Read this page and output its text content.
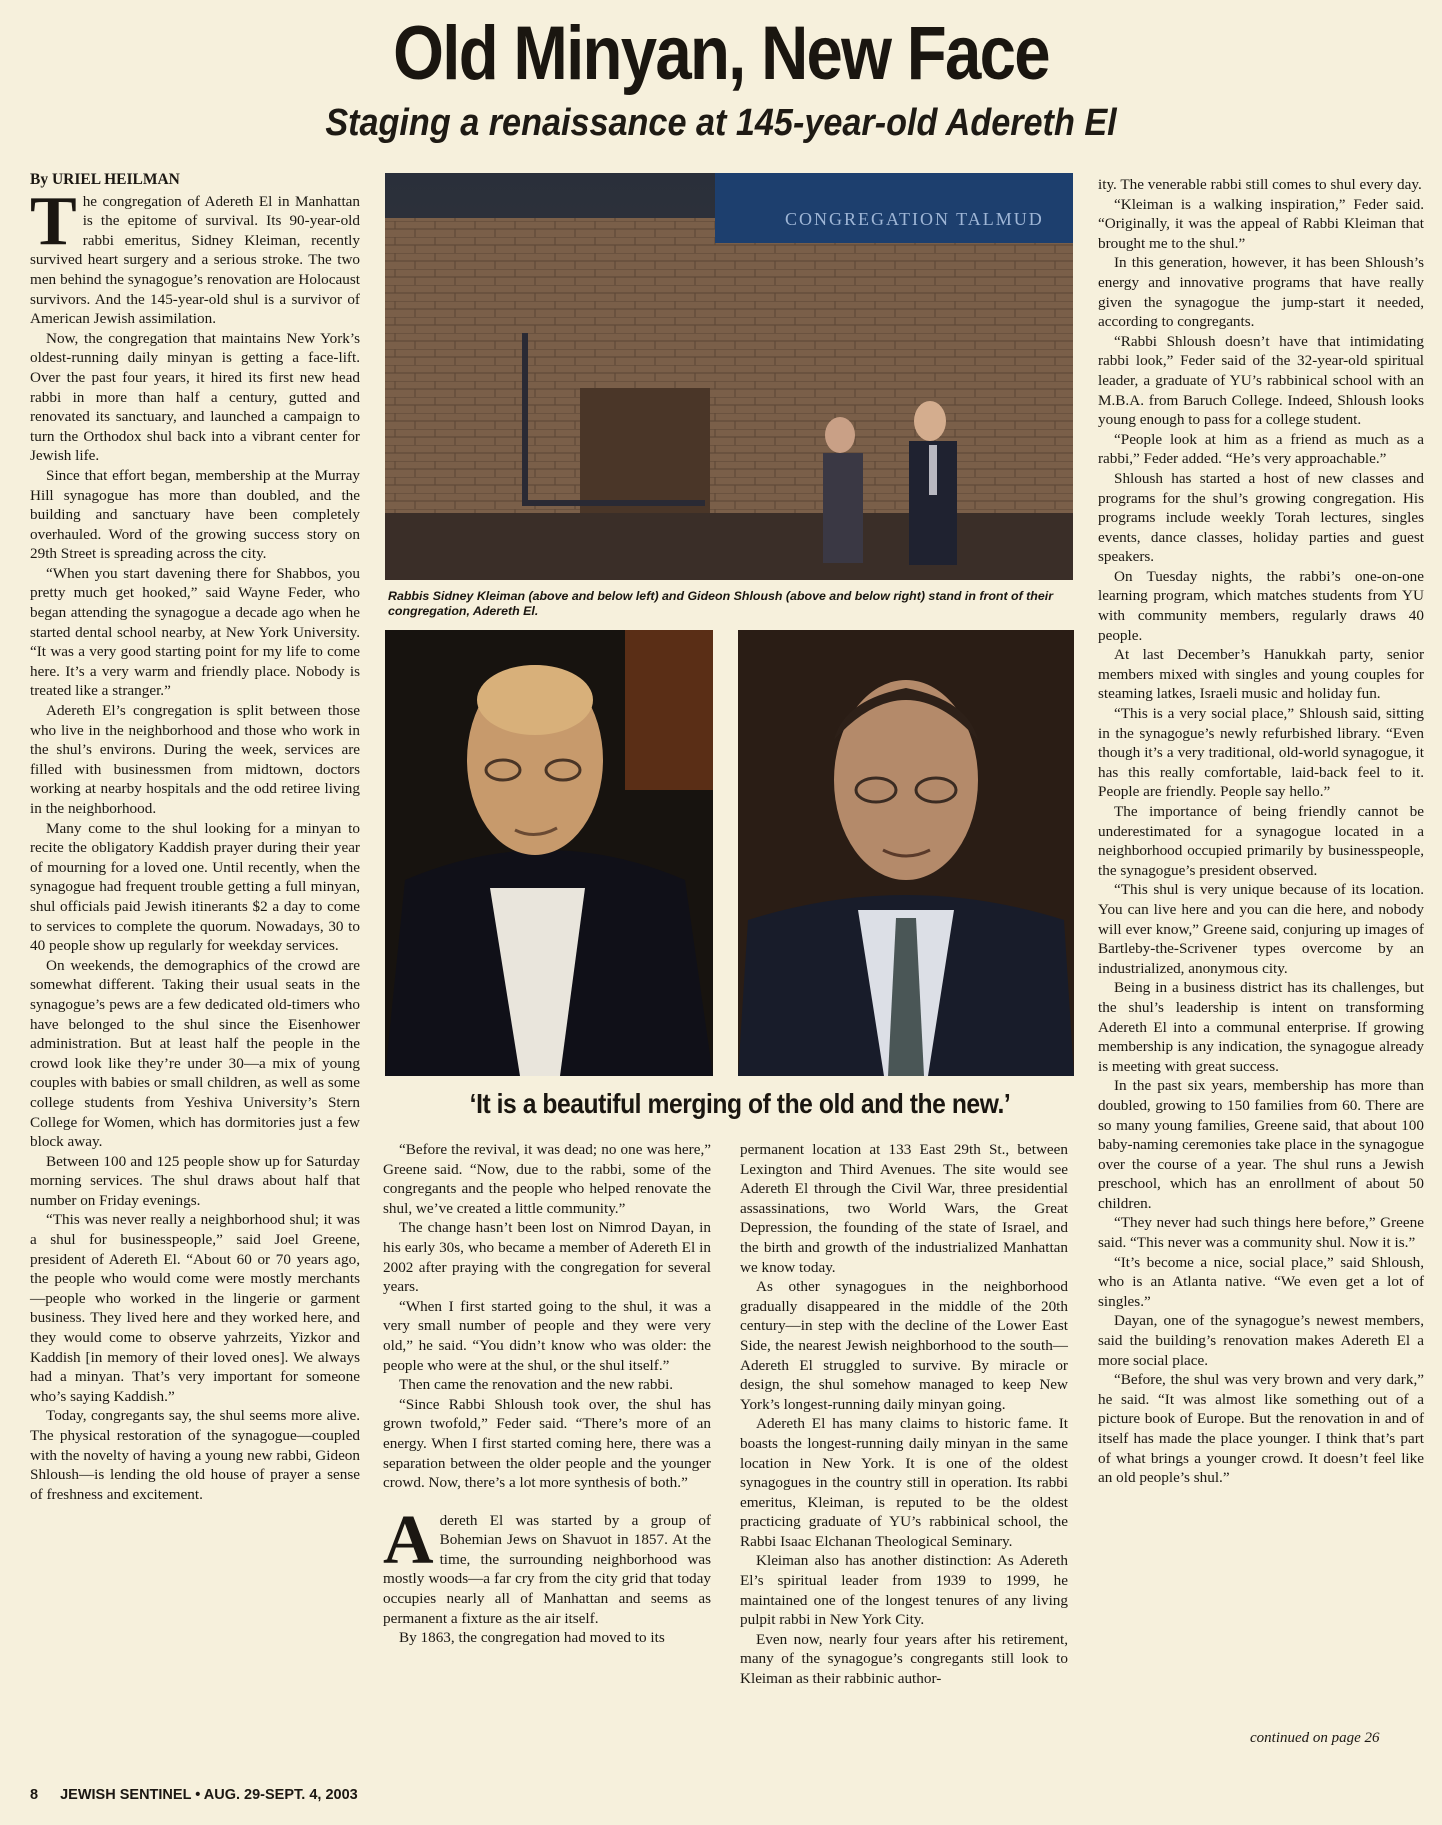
Old Minyan, New Face
Staging a renaissance at 145-year-old Adereth El
By URIEL HEILMAN

The congregation of Adereth El in Manhattan is the epitome of survival. Its 90-year-old rabbi emeritus, Sidney Kleiman, recently survived heart surgery and a serious stroke. The two men behind the synagogue’s renovation are Holocaust survivors. And the 145-year-old shul is a survivor of American Jewish assimilation.

Now, the congregation that maintains New York’s oldest-running daily minyan is getting a face-lift. Over the past four years, it hired its first new head rabbi in more than half a century, gutted and renovated its sanctuary, and launched a campaign to turn the Orthodox shul back into a vibrant center for Jewish life.

Since that effort began, membership at the Murray Hill synagogue has more than doubled, and the building and sanctuary have been completely overhauled. Word of the growing success story on 29th Street is spreading across the city.

“When you start davening there for Shabbos, you pretty much get hooked,” said Wayne Feder, who began attending the synagogue a decade ago when he started dental school nearby, at New York University. “It was a very good starting point for my life to come here. It’s a very warm and friendly place. Nobody is treated like a stranger.”

Adereth El’s congregation is split between those who live in the neighborhood and those who work in the shul’s environs. During the week, services are filled with businessmen from midtown, doctors working at nearby hospitals and the odd retiree living in the neighborhood.

Many come to the shul looking for a minyan to recite the obligatory Kaddish prayer during their year of mourning for a loved one. Until recently, when the synagogue had frequent trouble getting a full minyan, shul officials paid Jewish itinerants $2 a day to come to services to complete the quorum. Nowadays, 30 to 40 people show up regularly for weekday services.

On weekends, the demographics of the crowd are somewhat different. Taking their usual seats in the synagogue’s pews are a few dedicated old-timers who have belonged to the shul since the Eisenhower administration. But at least half the people in the crowd look like they’re under 30—a mix of young couples with babies or small children, as well as some college students from Yeshiva University’s Stern College for Women, which has dormitories just a few block away.

Between 100 and 125 people show up for Saturday morning services. The shul draws about half that number on Friday evenings.

“This was never really a neighborhood shul; it was a shul for businesspeople,” said Joel Greene, president of Adereth El. “About 60 or 70 years ago, the people who would come were mostly merchants—people who worked in the lingerie or garment business. They lived here and they worked here, and they would come to observe yahrzeits, Yizkor and Kaddish [in memory of their loved ones]. We always had a minyan. That’s very important for someone who’s saying Kaddish.”

Today, congregants say, the shul seems more alive. The physical restoration of the synagogue—coupled with the novelty of having a young new rabbi, Gideon Shloush—is lending the old house of prayer a sense of freshness and excitement.

CONGREGATION TALMUD
Rabbis Sidney Kleiman (above and below left) and Gideon Shloush (above and below right) stand in front of their congregation, Adereth El.
‘It is a beautiful merging of the old and the new.’

“Before the revival, it was dead; no one was here,” Greene said. “Now, due to the rabbi, some of the congregants and the people who helped renovate the shul, we’ve created a little community.”

The change hasn’t been lost on Nimrod Dayan, in his early 30s, who became a member of Adereth El in 2002 after praying with the congregation for several years.

“When I first started going to the shul, it was a very small number of people and they were very old,” he said. “You didn’t know who was older: the people who were at the shul, or the shul itself.”

Then came the renovation and the new rabbi.

“Since Rabbi Shloush took over, the shul has grown twofold,” Feder said. “There’s more of an energy. When I first started coming here, there was a separation between the older people and the younger crowd. Now, there’s a lot more synthesis of both.”

Adereth El was started by a group of Bohemian Jews on Shavuot in 1857. At the time, the surrounding neighborhood was mostly woods—a far cry from the city grid that today occupies nearly all of Manhattan and seems as permanent a fixture as the air itself.

By 1863, the congregation had moved to its

permanent location at 133 East 29th St., between Lexington and Third Avenues. The site would see Adereth El through the Civil War, three presidential assassinations, two World Wars, the Great Depression, the founding of the state of Israel, and the birth and growth of the industrialized Manhattan we know today.

As other synagogues in the neighborhood gradually disappeared in the middle of the 20th century—in step with the decline of the Lower East Side, the nearest Jewish neighborhood to the south—Adereth El struggled to survive. By miracle or design, the shul somehow managed to keep New York’s longest-running daily minyan going.

Adereth El has many claims to historic fame. It boasts the longest-running daily minyan in the same location in New York. It is one of the oldest synagogues in the country still in operation. Its rabbi emeritus, Kleiman, is reputed to be the oldest practicing graduate of YU’s rabbinical school, the Rabbi Isaac Elchanan Theological Seminary.

Kleiman also has another distinction: As Adereth El’s spiritual leader from 1939 to 1999, he maintained one of the longest tenures of any living pulpit rabbi in New York City.

Even now, nearly four years after his retirement, many of the synagogue’s congregants still look to Kleiman as their rabbinic author-

ity. The venerable rabbi still comes to shul every day.

“Kleiman is a walking inspiration,” Feder said. “Originally, it was the appeal of Rabbi Kleiman that brought me to the shul.”

In this generation, however, it has been Shloush’s energy and innovative programs that have really given the synagogue the jump-start it needed, according to congregants.

“Rabbi Shloush doesn’t have that intimidating rabbi look,” Feder said of the 32-year-old spiritual leader, a graduate of YU’s rabbinical school with an M.B.A. from Baruch College. Indeed, Shloush looks young enough to pass for a college student.

“People look at him as a friend as much as a rabbi,” Feder added. “He’s very approachable.”

Shloush has started a host of new classes and programs for the shul’s growing congregation. His programs include weekly Torah lectures, singles events, dance classes, holiday parties and guest speakers.

On Tuesday nights, the rabbi’s one-on-one learning program, which matches students from YU with community members, regularly draws 40 people.

At last December’s Hanukkah party, senior members mixed with singles and young couples for steaming latkes, Israeli music and holiday fun.

“This is a very social place,” Shloush said, sitting in the synagogue’s newly refurbished library. “Even though it’s a very traditional, old-world synagogue, it has this really comfortable, laid-back feel to it. People are friendly. People say hello.”

The importance of being friendly cannot be underestimated for a synagogue located in a neighborhood occupied primarily by businesspeople, the synagogue’s president observed.

“This shul is very unique because of its location. You can live here and you can die here, and nobody will ever know,” Greene said, conjuring up images of Bartleby-the-Scrivener types overcome by an industrialized, anonymous city.

Being in a business district has its challenges, but the shul’s leadership is intent on transforming Adereth El into a communal enterprise. If growing membership is any indication, the synagogue already is meeting with great success.

In the past six years, membership has more than doubled, growing to 150 families from 60. There are so many young families, Greene said, that about 100 baby-naming ceremonies take place in the synagogue over the course of a year. The shul runs a Jewish preschool, which has an enrollment of about 50 children.

“They never had such things here before,” Greene said. “This never was a community shul. Now it is.”

“It’s become a nice, social place,” said Shloush, who is an Atlanta native. “We even get a lot of singles.”

Dayan, one of the synagogue’s newest members, said the building’s renovation makes Adereth El a more social place.

“Before, the shul was very brown and very dark,” he said. “It was almost like something out of a picture book of Europe. But the renovation in and of itself has made the place younger. I think that’s part of what brings a younger crowd. It doesn’t feel like an old people’s shul.”

continued on page 26
8 JEWISH SENTINEL • AUG. 29-SEPT. 4, 2003
